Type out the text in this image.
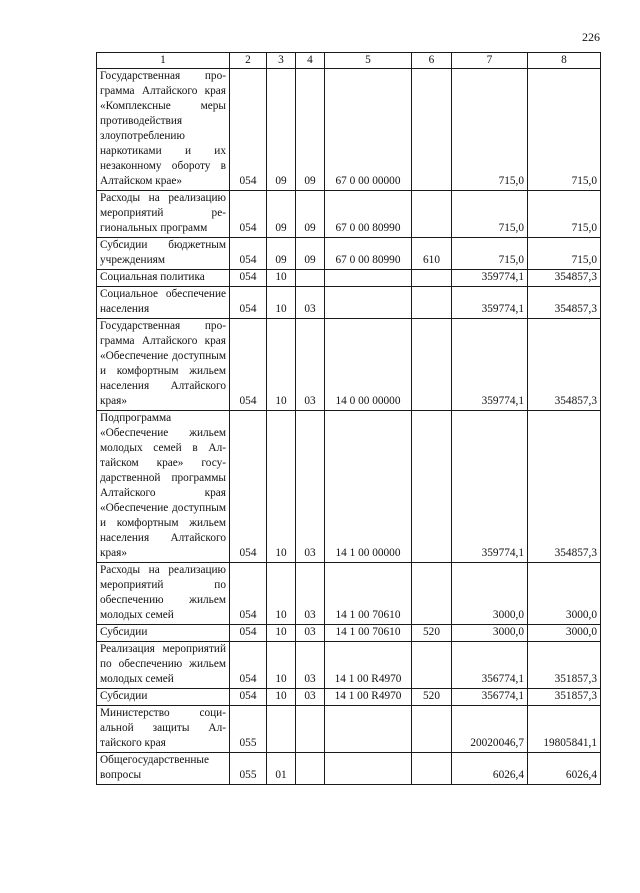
226
1	2	3	4	5	6	7	8
Государственная программа Алтайского края «Комплексные меры противодействия злоупотреблению наркотиками и их незаконному обороту в Алтайском крае»	054	09	09	67 0 00 00000		715,0	715,0
Расходы на реализацию мероприятий региональных программ	054	09	09	67 0 00 80990		715,0	715,0
Субсидии бюджетным учреждениям	054	09	09	67 0 00 80990	610	715,0	715,0
Социальная политика	054	10				359774,1	354857,3
Социальное обеспечение населения	054	10	03			359774,1	354857,3
Государственная программа Алтайского края «Обеспечение доступным и комфортным жильем населения Алтайского края»	054	10	03	14 0 00 00000		359774,1	354857,3
Подпрограмма «Обеспечение жильем молодых семей в Алтайском крае» государственной программы Алтайского края «Обеспечение доступным и комфортным жильем населения Алтайского края»	054	10	03	14 1 00 00000		359774,1	354857,3
Расходы на реализацию мероприятий по обеспечению жильем молодых семей	054	10	03	14 1 00 70610		3000,0	3000,0
Субсидии	054	10	03	14 1 00 70610	520	3000,0	3000,0
Реализация мероприятий по обеспечению жильем молодых семей	054	10	03	14 1 00 R4970		356774,1	351857,3
Субсидии	054	10	03	14 1 00 R4970	520	356774,1	351857,3
Министерство социальной защиты Алтайского края	055					20020046,7	19805841,1
Общегосударственные вопросы	055	01				6026,4	6026,4
